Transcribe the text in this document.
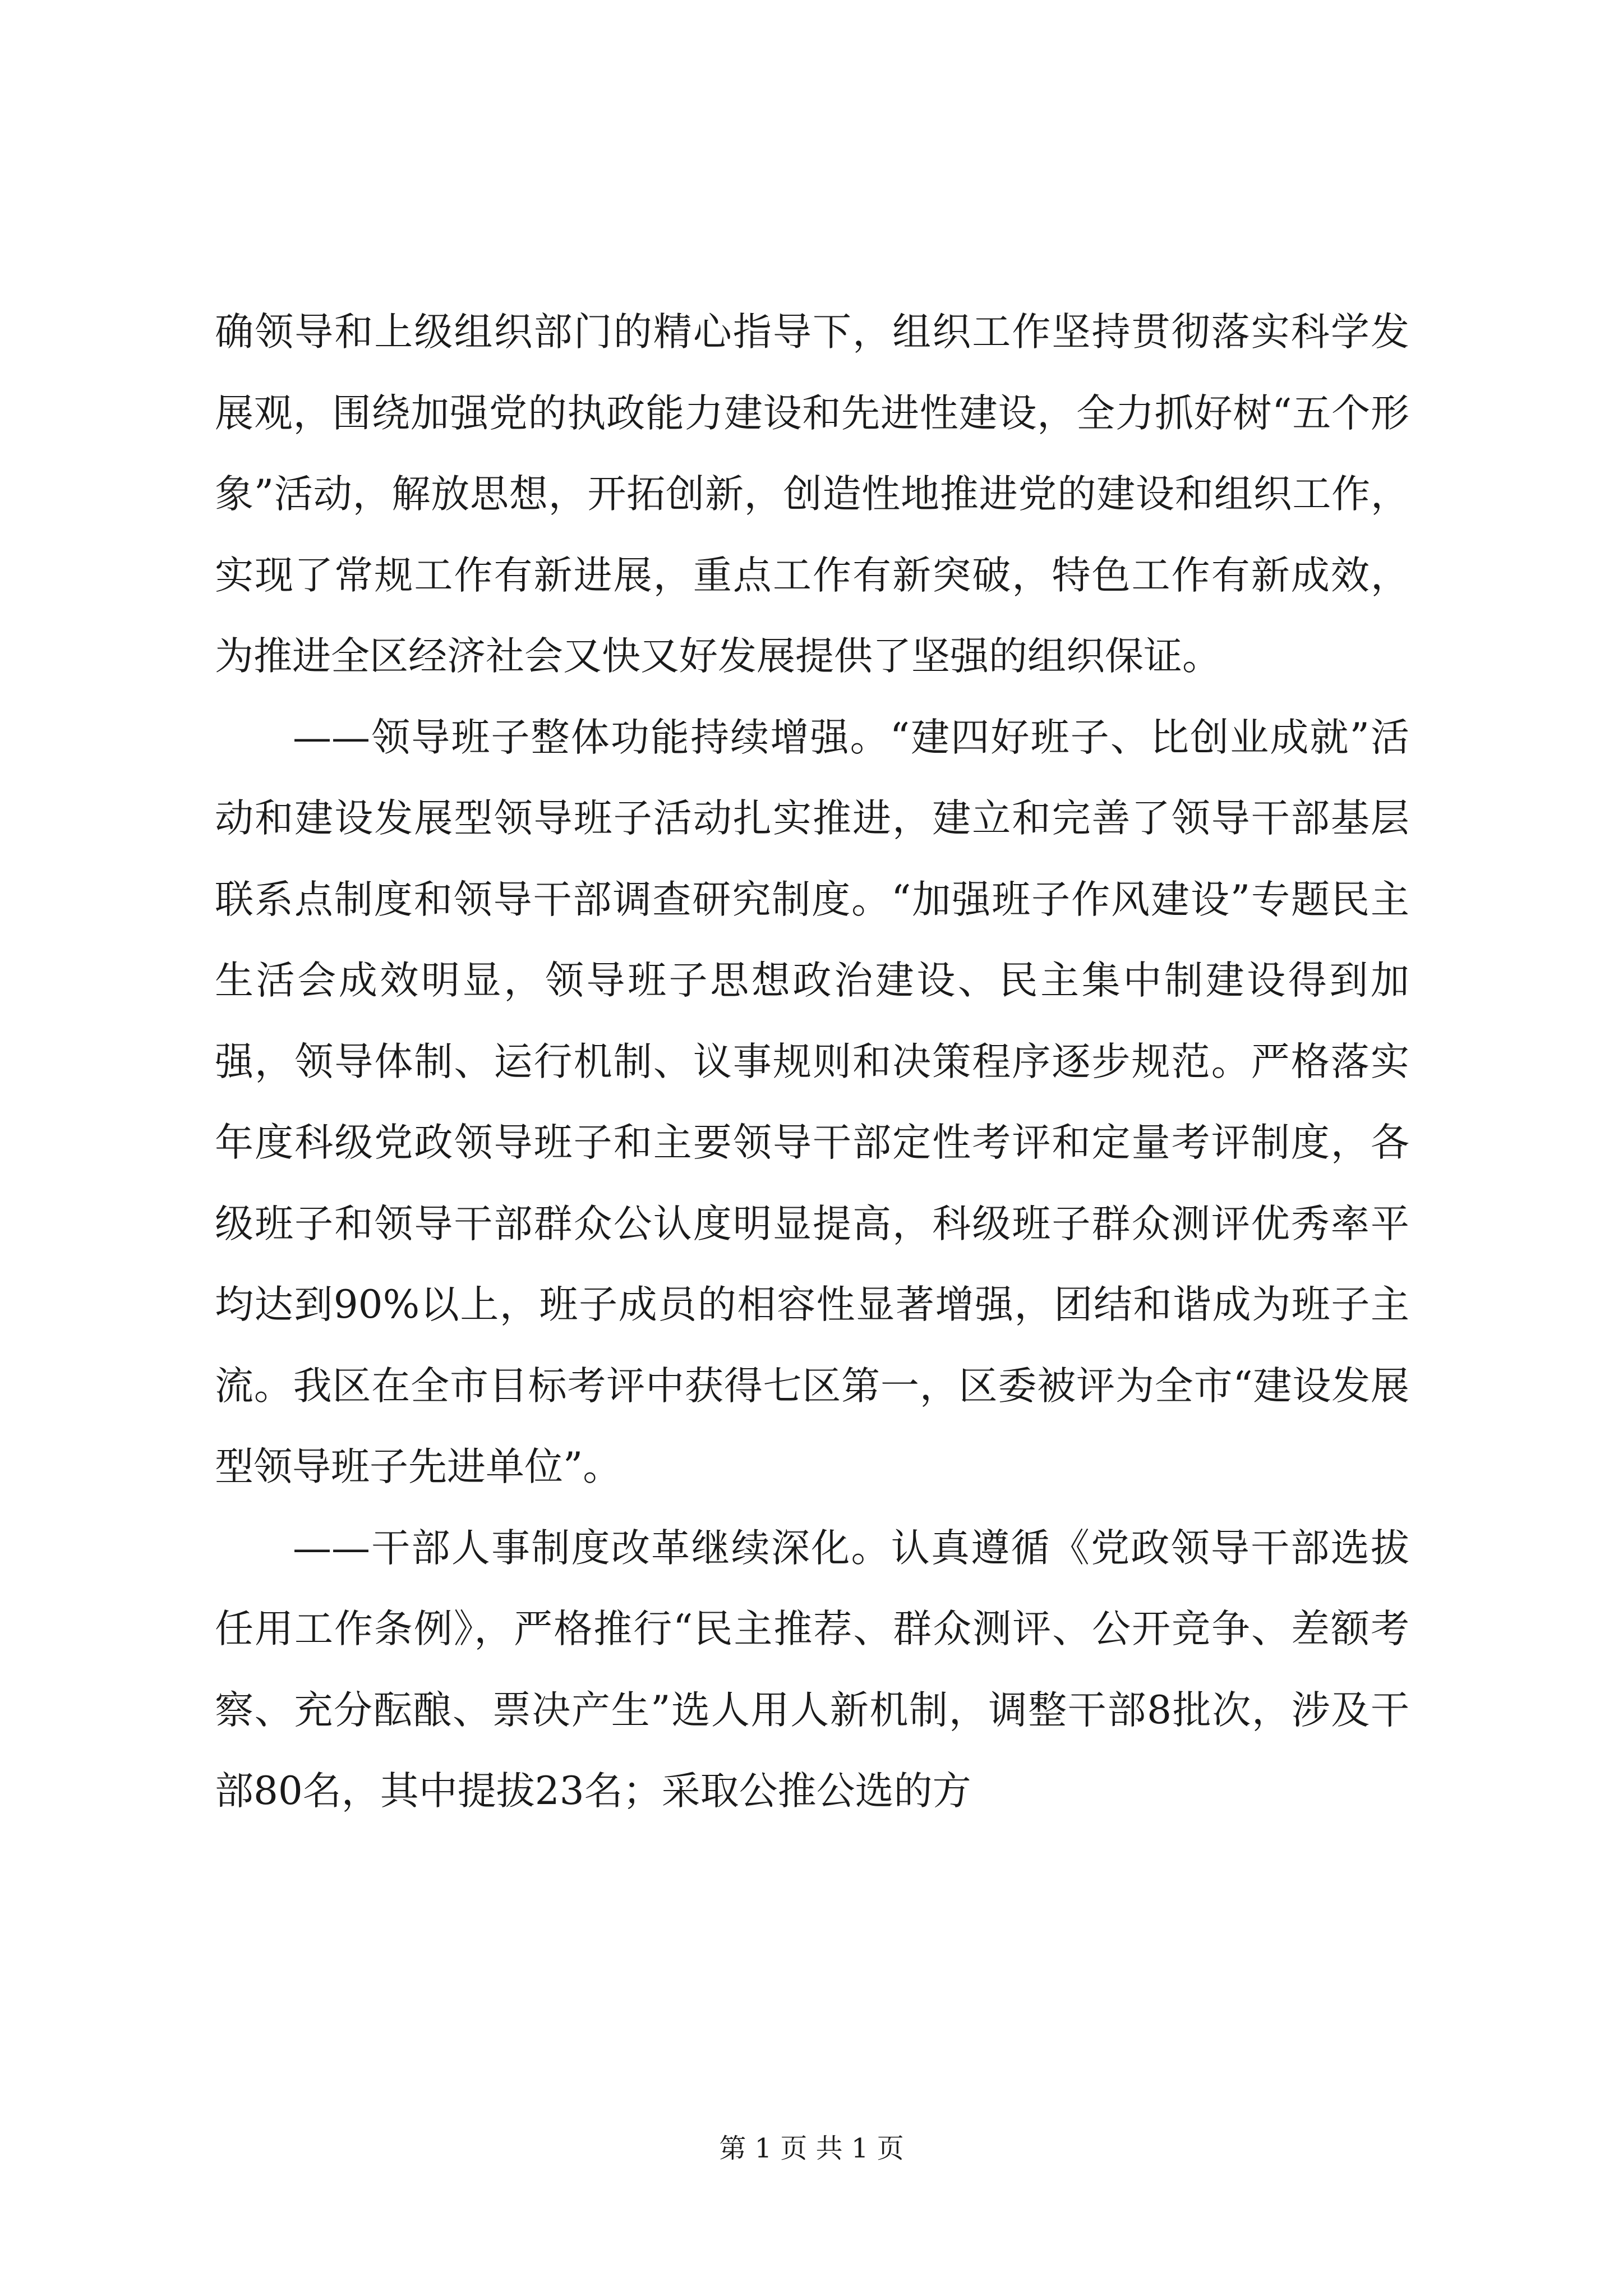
确领导和上级组织部门的精心指导下，组织工作坚持贯彻落实科学发展观，围绕加强党的执政能力建设和先进性建设，全力抓好树“五个形象”活动，解放思想，开拓创新，创造性地推进党的建设和组织工作，实现了常规工作有新进展，重点工作有新突破，特色工作有新成效，为推进全区经济社会又快又好发展提供了坚强的组织保证。

——领导班子整体功能持续增强。“建四好班子、比创业成就”活动和建设发展型领导班子活动扎实推进，建立和完善了领导干部基层联系点制度和领导干部调查研究制度。“加强班子作风建设”专题民主生活会成效明显，领导班子思想政治建设、民主集中制建设得到加强，领导体制、运行机制、议事规则和决策程序逐步规范。严格落实年度科级党政领导班子和主要领导干部定性考评和定量考评制度，各级班子和领导干部群众公认度明显提高，科级班子群众测评优秀率平均达到90%以上，班子成员的相容性显著增强，团结和谐成为班子主流。我区在全市目标考评中获得七区第一，区委被评为全市“建设发展型领导班子先进单位”。

——干部人事制度改革继续深化。认真遵循《党政领导干部选拔任用工作条例》，严格推行“民主推荐、群众测评、公开竞争、差额考察、充分酝酿、票决产生”选人用人新机制，调整干部8批次，涉及干部80名，其中提拔23名；采取公推公选的方

第 1 页 共 1 页
